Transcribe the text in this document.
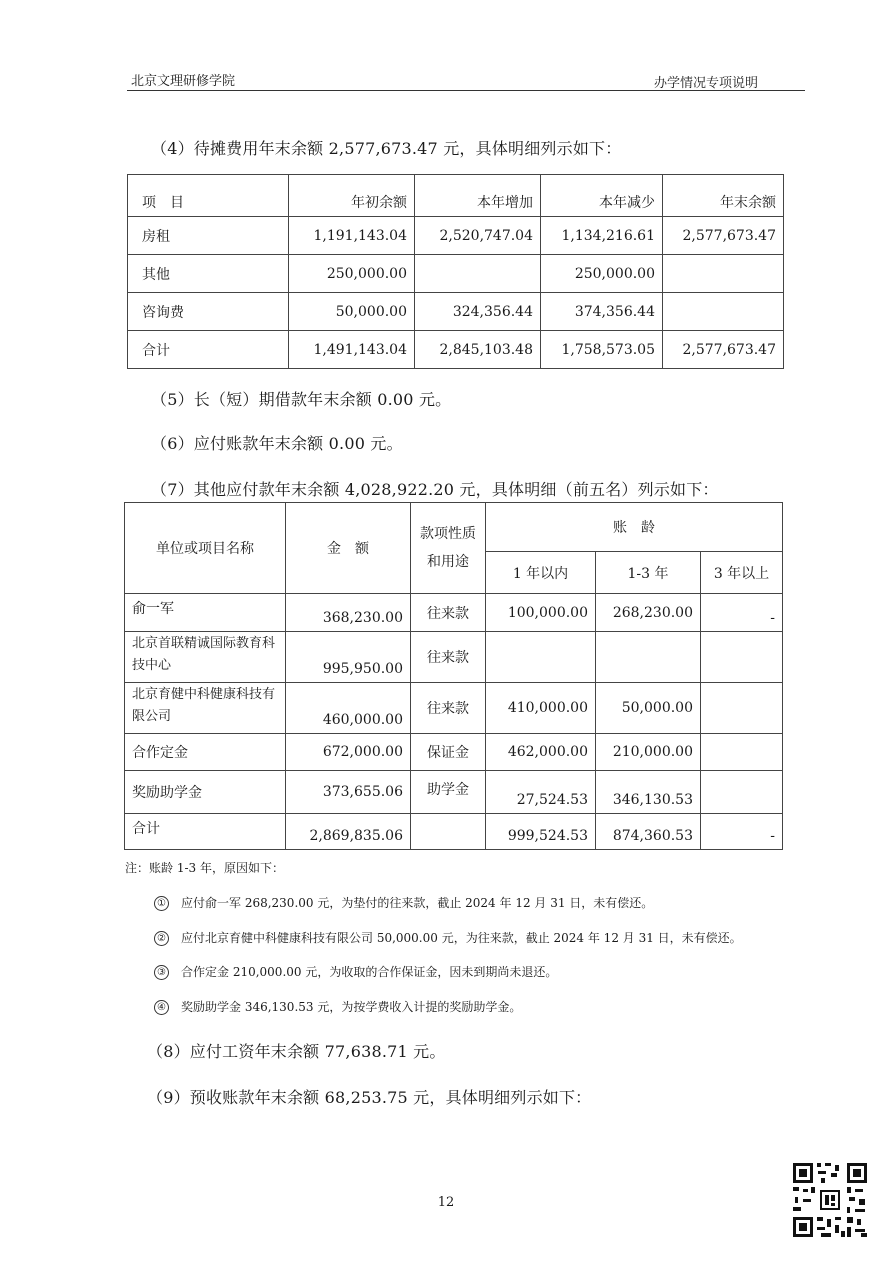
北京文理研修学院	办学情况专项说明
（4）待摊费用年末余额 2,577,673.47 元，具体明细列示如下：
项　目	年初余额	本年增加	本年减少	年末余额
房租	1,191,143.04	2,520,747.04	1,134,216.61	2,577,673.47
其他	250,000.00		250,000.00	
咨询费	50,000.00	324,356.44	374,356.44	
合计	1,491,143.04	2,845,103.48	1,758,573.05	2,577,673.47
（5）长（短）期借款年末余额 0.00 元。
（6）应付账款年末余额 0.00 元。
（7）其他应付款年末余额 4,028,922.20 元，具体明细（前五名）列示如下：
单位或项目名称	金　额	款项性质和用途	账　龄		
			1 年以内	1-3 年	3 年以上
俞一军	368,230.00	往来款	100,000.00	268,230.00	-
北京首联精诚国际教育科技中心	995,950.00	往来款			
北京育健中科健康科技有限公司	460,000.00	往来款	410,000.00	50,000.00	
合作定金	672,000.00	保证金	462,000.00	210,000.00	
奖励助学金	373,655.06	助学金	27,524.53	346,130.53	
合计	2,869,835.06		999,524.53	874,360.53	-
注：账龄 1-3 年，原因如下：
① 应付俞一军 268,230.00 元，为垫付的往来款，截止 2024 年 12 月 31 日，未有偿还。
② 应付北京育健中科健康科技有限公司 50,000.00 元，为往来款，截止 2024 年 12 月 31 日，未有偿还。
③ 合作定金 210,000.00 元，为收取的合作保证金，因未到期尚未退还。
④ 奖励助学金 346,130.53 元，为按学费收入计提的奖励助学金。
（8）应付工资年末余额 77,638.71 元。
（9）预收账款年末余额 68,253.75 元，具体明细列示如下：
12
